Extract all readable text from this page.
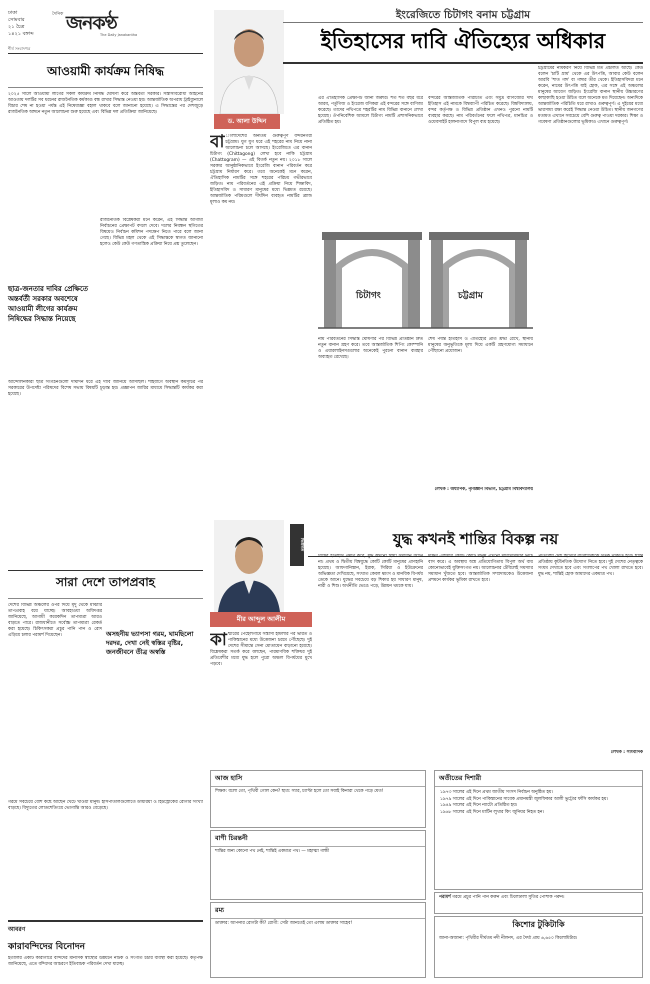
ঢাকা
সোমবার
২১ চৈত্র
১৪২১ বঙ্গাব্দ
দৈনিক জনকণ্ঠ
The Daily Janakantha
শীর্ষ সংবাদপত্র
আওয়ামী কার্যক্রম নিষিদ্ধ
২০২৫ সালে আওয়ামী লীগের সকল কার্যক্রম নিষিদ্ধ ঘোষণা করে অন্তর্বর্তী সরকার। সন্ত্রাসবিরোধী আইনের আওতায় দলটির সব ধরনের রাজনৈতিক কর্মকাণ্ড বন্ধ রাখার সিদ্ধান্ত নেওয়া হয়। আন্তর্জাতিক অপরাধ ট্রাইব্যুনালে বিচার শেষ না হওয়া পর্যন্ত এই নিষেধাজ্ঞা বহাল থাকবে বলে জানানো হয়েছে। এ সিদ্ধান্তের পর দেশজুড়ে রাজনৈতিক অঙ্গনে নতুন আলোচনা শুরু হয়েছে এবং বিভিন্ন দল প্রতিক্রিয়া জানিয়েছে।
ছাত্র-জনতার দাবির প্রেক্ষিতে অন্তর্বর্তী সরকার অবশেষে আওয়ামী লীগের কার্যক্রম নিষিদ্ধের সিদ্ধান্ত নিয়েছে
রাজনৈতিক বিশ্লেষকরা মনে করেন, এই সিদ্ধান্ত আগামী নির্বাচনের প্রেক্ষাপট বদলে দেবে। দলের নিবন্ধন স্থগিতের বিষয়েও নির্বাচন কমিশন পদক্ষেপ নিতে পারে বলে জানা গেছে। বিভিন্ন মহল থেকে এই সিদ্ধান্তকে স্বাগত জানানো হলেও কেউ কেউ গণতান্ত্রিক প্রক্রিয়া নিয়ে প্রশ্ন তুলেছেন।
আন্দোলনকারী ছাত্র সংগঠনগুলো দীর্ঘদিন ধরে এই দাবি জানিয়ে আসছিল। শাহবাগে অবস্থান কর্মসূচির পর সরকারের উপদেষ্টা পরিষদের বিশেষ সভায় বিষয়টি চূড়ান্ত হয়। প্রজ্ঞাপন জারির মাধ্যমে সিদ্ধান্তটি কার্যকর করা হয়েছে।
সারা দেশে তাপপ্রবাহ
দেশের বিভিন্ন অঞ্চলের ওপর দিয়ে মৃদু থেকে মাঝারি তাপপ্রবাহ বয়ে যাচ্ছে। আবহাওয়া অধিদপ্তর জানিয়েছে, আগামী কয়েকদিন তাপমাত্রা আরও বাড়তে পারে। রাজধানীতে সর্বোচ্চ তাপমাত্রা রেকর্ড করা হয়েছে। চিকিৎসকরা প্রচুর পানি পান ও রোদ এড়িয়ে চলার পরামর্শ দিয়েছেন।	অসহনীয় ভ্যাপসা গরম, ঘামছিলো দরদর, দেখা নেই স্বস্তির বৃষ্টির, জনজীবনে তীব্র অস্বস্তি
গরমে সবচেয়ে বেশি কষ্টে আছেন খেটে খাওয়া মানুষ। হাসপাতালগুলোতে ডায়রিয়া ও হিটস্ট্রোকের রোগীর সংখ্যা বাড়ছে। বিদ্যুতের লোডশেডিংয়ে ভোগান্তি আরও বেড়েছে।
আবরণ
কারাবন্দিদের বিনোদন
ইতালির একটি কারাগারে বন্দিদের মানসিক স্বাস্থ্যের উন্নয়নে নাটক ও সংগীত চর্চার ব্যবস্থা করা হয়েছে। কর্তৃপক্ষ জানিয়েছে, এতে বন্দিদের আচরণে ইতিবাচক পরিবর্তন দেখা যাচ্ছে।
ড. আলা উদ্দিন
ইংরেজিতে চিটাগং বনাম চট্টগ্রাম
ইতিহাসের দাবি ঐতিহ্যের অধিকার
বা ংলাদেশের অন্যতম গুরুত্বপূর্ণ বন্দরনগরী চট্টগ্রাম। যুগ যুগ ধরে এই শহরের নাম নিয়ে নানা আলোচনা চলে আসছে। ইংরেজিতে এর বানান চিটাগং (Chittagong) লেখা হবে নাকি চট্টগ্রাম (Chattogram) — এই বিতর্ক নতুন নয়। ২০১৮ সালে সরকার আনুষ্ঠানিকভাবে ইংরেজি বানান পরিবর্তন করে চট্টগ্রাম নির্ধারণ করে। তবে অনেকেই মনে করেন, ঐতিহাসিক নামটির সঙ্গে শহরের পরিচয় গভীরভাবে জড়িত। নাম পরিবর্তনের এই প্রক্রিয়া নিয়ে শিক্ষাবিদ, ইতিহাসবিদ ও সাধারণ মানুষের মধ্যে ভিন্নমত রয়েছে। আন্তর্জাতিক পরিমণ্ডলে দীর্ঘদিন ব্যবহৃত নামটির ব্র্যান্ড মূল্যও কম নয়।
এর ঐতিহাসিক প্রেক্ষাপট জানা জরুরি। শত শত বছর ধরে আরব, পর্তুগিজ ও ইংরেজ বণিকরা এই বন্দরের সঙ্গে বাণিজ্য করেছে। তাদের নথিপত্রে শহরটির নাম বিভিন্ন বানানে লেখা হয়েছে। ঔপনিবেশিক আমলে চিটাগং নামটি প্রশাসনিকভাবে প্রতিষ্ঠিত হয়।
বন্দরের আন্তর্জাতিক পরিচিতি এবং সমুদ্র বাণিজ্যের দীর্ঘ ইতিহাস এই নামকে বিশ্বব্যাপী পরিচিত করেছে। বিশ্ববিদ্যালয়, বন্দর কর্তৃপক্ষ ও বিভিন্ন প্রতিষ্ঠান এখনও পুরনো নামটি ব্যবহার করছে। নাম পরিবর্তনের ফলে নথিপত্র, মানচিত্র ও ওয়েবসাইট হালনাগাদে বিপুল ব্যয় হয়েছে।
চট্টগ্রামের নামকরণ নিয়ে বিভিন্ন মত প্রচলিত আছে। কেউ বলেন 'চাটি গ্রাম' থেকে এর উৎপত্তি, আবার কেউ বলেন আরবি 'শাত গঙ্গ' বা গঙ্গার তীর থেকে। ইতিহাসবিদরা মনে করেন, নামের উৎপত্তি যাই হোক, এর সঙ্গে এই অঞ্চলের মানুষের আবেগ জড়িত। ইংরেজি বানান স্থানীয় উচ্চারণের কাছাকাছি হওয়া উচিত বলে অনেকে মত দিয়েছেন। অন্যদিকে আন্তর্জাতিক পরিচিতি ধরে রাখাও গুরুত্বপূর্ণ। এ দুইয়ের মধ্যে ভারসাম্য রক্ষা করেই সিদ্ধান্ত নেওয়া উচিত। স্থানীয় জনগণের মতামত এখানে সবচেয়ে বেশি গুরুত্ব পাওয়া দরকার। শিক্ষা ও গবেষণা প্রতিষ্ঠানগুলোর ভূমিকাও এখানে গুরুত্বপূর্ণ।
চিটাগং	চট্টগ্রাম
নাম পরিবর্তনের সিদ্ধান্ত ঘোষণার পর বিভিন্ন প্রতিষ্ঠান দ্রুত নতুন বানান গ্রহণ করে। তবে আন্তর্জাতিক শিপিং কোম্পানি ও এয়ারলাইনসগুলোর অনেকেই পুরনো বানান ব্যবহার অব্যাহত রেখেছে।
শেষ পর্যন্ত ইতিহাস ও ঐতিহ্যের প্রতি শ্রদ্ধা রেখে, স্থানীয় মানুষের অনুভূতিকে মূল্য দিয়ে একটি গ্রহণযোগ্য সমাধানে পৌঁছানো প্রয়োজন।
লেখক : অধ্যাপক, নৃবিজ্ঞান বিভাগ, চট্টগ্রাম বিশ্ববিদ্যালয়
মীর আব্দুল আলীম
ভিন্নমত	যুদ্ধ কখনই শান্তির বিকল্প নয়
কাশ্মীরের পেহেলগামে সন্ত্রাসী হামলার পর ভারত ও পাকিস্তানের মধ্যে উত্তেজনা চরমে পৌঁছেছে। দুই দেশের সীমান্তে সেনা মোতায়েন বাড়ানো হয়েছে। বিশ্লেষকরা সতর্ক করে বলছেন, পারমাণবিক শক্তিধর দুই প্রতিবেশীর মধ্যে যুদ্ধ হলে পুরো অঞ্চল বিপর্যয়ের মুখে পড়বে।
বিশ্বের ইতিহাস প্রমাণ করে, যুদ্ধ কখনো স্থায়ী সমাধান আনে না। প্রথম ও দ্বিতীয় বিশ্বযুদ্ধে কোটি কোটি মানুষের প্রাণহানি হয়েছে। আফগানিস্তান, ইরাক, সিরিয়া ও ইউক্রেনের অভিজ্ঞতা দেখিয়েছে, সংঘাত কেবল ধ্বংস ও মানবিক বিপর্যয় ডেকে আনে। যুদ্ধের সবচেয়ে বড় শিকার হয় সাধারণ মানুষ, নারী ও শিশু। অর্থনীতি ভেঙে পড়ে, উন্নয়ন থমকে যায়।
দক্ষিণ এশিয়ার কোটি কোটি মানুষ এখনো দারিদ্র্যসীমার নিচে বাস করে। এ অবস্থায় অস্ত্র প্রতিযোগিতায় বিপুল অর্থ ব্যয় কোনোভাবেই যুক্তিসংগত নয়। আলোচনার টেবিলেই সমস্যার সমাধান খুঁজতে হবে। আন্তর্জাতিক সম্প্রদায়কেও উত্তেজনা প্রশমনে কার্যকর ভূমিকা রাখতে হবে।
প্রতিবেশী দেশ হিসেবে বাংলাদেশকে সতর্ক থাকতে হবে। শান্তি প্রতিষ্ঠায় কূটনৈতিক উদ্যোগ নিতে হবে। দুই দেশের নেতৃত্বকে সংযম দেখাতে হবে এবং সংলাপের পথ খোলা রাখতে হবে। যুদ্ধ নয়, শান্তিই হোক আমাদের একমাত্র পথ।
লেখক : সাংবাদিক
আজ হাসি
শিক্ষক: বলো তো, পৃথিবী গোল কেন? ছাত্র: স্যার, চ্যাপ্টা হলে তো সবাই কিনারা থেকে পড়ে যেত!
অতীতের দিশারী
১৯৭৩ সালের এই দিনে প্রথম জাতীয় সংসদ নির্বাচন অনুষ্ঠিত হয়।
১৯৭৯ সালের এই দিনে পাকিস্তানের সাবেক প্রধানমন্ত্রী জুলফিকার আলী ভুট্টোর ফাঁসি কার্যকর হয়।
১৯৪৯ সালের এই দিনে ন্যাটো প্রতিষ্ঠিত হয়।
১৯৬৮ সালের এই দিনে মার্টিন লুথার কিং জুনিয়র নিহত হন।
বাণী চিরন্তনী
শান্তির জন্য কোনো পথ নেই, শান্তিই একমাত্র পথ। — মহাত্মা গান্ধী
পরামর্শ গরমে প্রচুর পানি পান করুন এবং ঢিলেঢালা সুতির পোশাক পরুন।
রম্য
ডাক্তার: আপনার রোগটা কী? রোগী: সেটা জানতেই তো এলাম ডাক্তার সাহেব!	কিশোর টুকিটাকি
জানা-অজানা: পৃথিবীর দীর্ঘতম নদী নীলনদ, এর দৈর্ঘ্য প্রায় ৬,৬৫০ কিলোমিটার।
